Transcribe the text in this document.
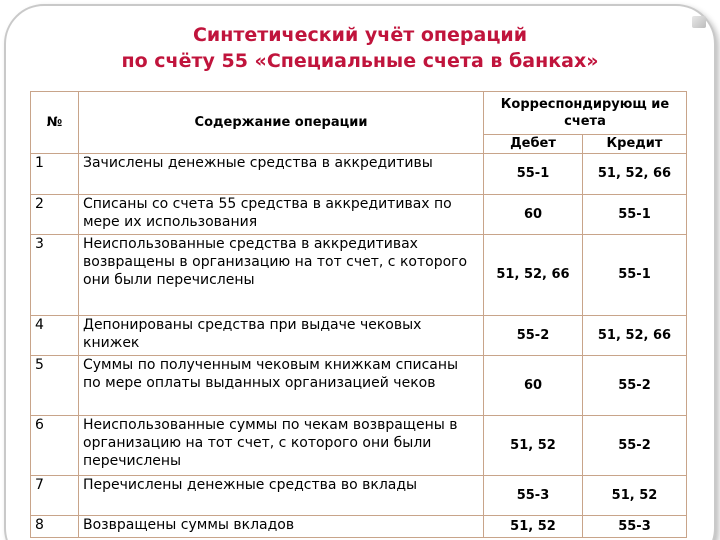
Синтетический учёт операций
по счёту 55 «Специальные счета в банках»
№	Содержание операции	Корреспондирующ ие счета	
		Дебет	Кредит
1	Зачислены денежные средства в аккредитивы	55-1	51, 52, 66
2	Списаны со счета 55 средства в аккредитивах по мере их использования	60	55-1
3	Неиспользованные средства в аккредитивах возвращены в организацию на тот счет, с которого они были перечислены	51, 52, 66	55-1
4	Депонированы средства при выдаче чековых книжек	55-2	51, 52, 66
5	Суммы по полученным чековым книжкам списаны по мере оплаты выданных организацией чеков	60	55-2
6	Неиспользованные суммы по чекам возвращены в организацию на тот счет, с которого они были перечислены	51, 52	55-2
7	Перечислены денежные средства во вклады	55-3	51, 52
8	Возвращены суммы вкладов	51, 52	55-3
